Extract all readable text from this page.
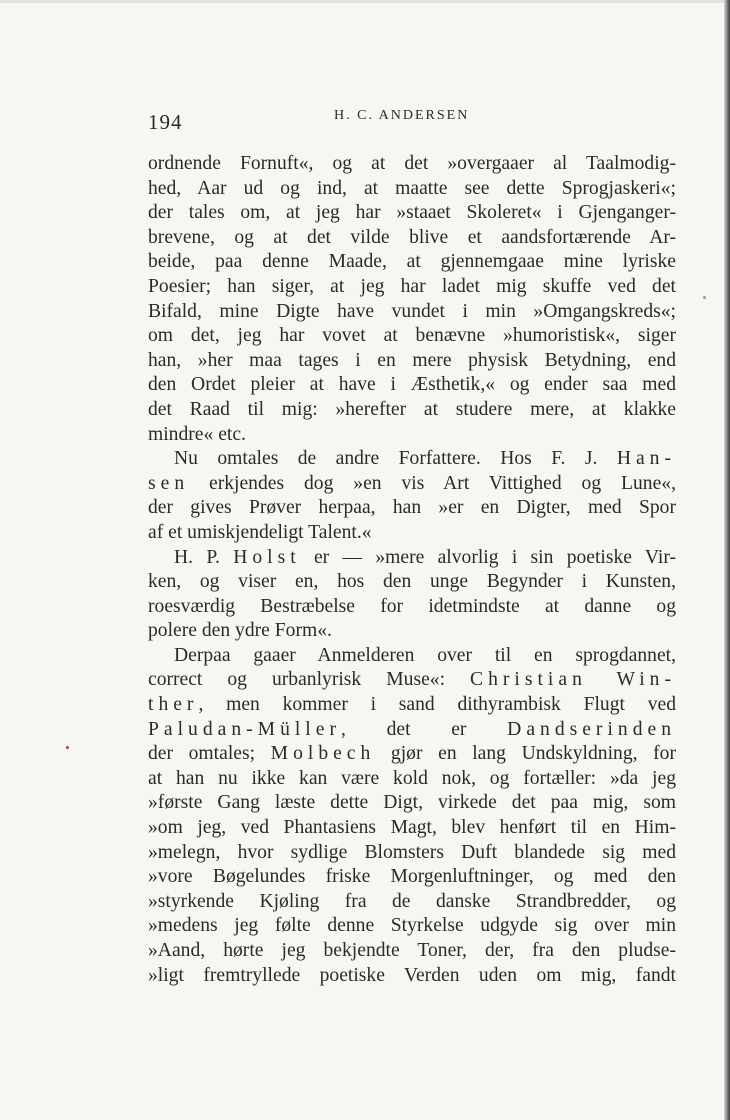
194	H. C. ANDERSEN
ordnende Fornuft«, og at det »overgaaer al Taalmodig-
hed, Aar ud og ind, at maatte see dette Sprogjaskeri«;
der tales om, at jeg har »staaet Skoleret« i Gjenganger-
brevene, og at det vilde blive et aandsfortærende Ar-
beide, paa denne Maade, at gjennemgaae mine lyriske
Poesier; han siger, at jeg har ladet mig skuffe ved det
Bifald, mine Digte have vundet i min »Omgangskreds«;
om det, jeg har vovet at benævne »humoristisk«, siger
han, »her maa tages i en mere physisk Betydning, end
den Ordet pleier at have i Æsthetik,« og ender saa med
det Raad til mig: »herefter at studere mere, at klakke
mindre« etc.
Nu omtales de andre Forfattere. Hos F. J. Han-
sen erkjendes dog »en vis Art Vittighed og Lune«,
der gives Prøver herpaa, han »er en Digter, med Spor
af et umiskjendeligt Talent.«
H. P. Holst er — »mere alvorlig i sin poetiske Vir-
ken, og viser en, hos den unge Begynder i Kunsten,
roesværdig Bestræbelse for idetmindste at danne og
polere den ydre Form«.
Derpaa gaaer Anmelderen over til en sprogdannet,
correct og urbanlyrisk Muse«: Christian Win-
ther, men kommer i sand dithyrambisk Flugt ved
Paludan-Müller, det er Dandserinden
der omtales; Molbech gjør en lang Undskyldning, for
at han nu ikke kan være kold nok, og fortæller: »da jeg
»første Gang læste dette Digt, virkede det paa mig, som
»om jeg, ved Phantasiens Magt, blev henført til en Him-
»melegn, hvor sydlige Blomsters Duft blandede sig med
»vore Bøgelundes friske Morgenluftninger, og med den
»styrkende Kjøling fra de danske Strandbredder, og
»medens jeg følte denne Styrkelse udgyde sig over min
»Aand, hørte jeg bekjendte Toner, der, fra den pludse-
»ligt fremtryllede poetiske Verden uden om mig, fandt
